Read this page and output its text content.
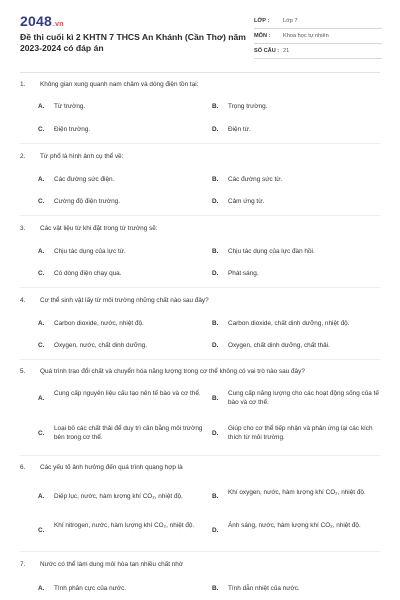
2048.vn
Đề thi cuối kì 2 KHTN 7 THCS An Khánh (Cần Thơ) năm 2023-2024 có đáp án
LỚP :	Lớp 7
MÔN :	Khoa học tự nhiên
SỐ CÂU : 21
1. Không gian xung quanh nam châm và dòng điện tồn tại:
A. Từ trường.	B. Trọng trường.
C. Điện trường.	D. Điện từ.
2. Từ phổ là hình ảnh cụ thể về:
A. Các đường sức điện.	B. Các đường sức từ.
C. Cường độ điện trường.	D. Cảm ứng từ.
3. Các vật liệu từ khi đặt trong từ trường sẽ:
A. Chịu tác dụng của lực từ.	B. Chịu tác dụng của lực đàn hồi.
C. Có dòng điện chạy qua.	D. Phát sáng.
4. Cơ thể sinh vật lấy từ môi trường những chất nào sau đây?
A. Carbon dioxide, nước, nhiệt độ.	B. Carbon dioxide, chất dinh dưỡng, nhiệt độ.
C. Oxygen, nước, chất dinh dưỡng.	D. Oxygen, chất dinh dưỡng, chất thải.
5. Quá trình trao đổi chất và chuyển hóa năng lượng trong cơ thể không có vai trò nào sau đây?
A.
Cung cấp nguyên liệu cấu tạo nên tế bào và cơ thể.
B.
Cung cấp năng lượng cho các hoạt động sống của tế bào và cơ thể.
C.
Loại bỏ các chất thải để duy trì cân bằng môi trường bên trong cơ thể.
D.
Giúp cho cơ thể tiếp nhận và phản ứng lại các kích thích từ môi trường.
6. Các yếu tố ảnh hưởng đến quá trình quang hợp là
A. Diệp lục, nước, hàm lượng khí CO₂, nhiệt độ.	B.
Khí oxygen, nước, hàm lượng khí CO₂, nhiệt độ.
C.
Khí nitrogen, nước, hàm lượng khí CO₂, nhiệt độ.
D.
Ánh sáng, nước, hàm lượng khí CO₂, nhiệt độ.
7. Nước có thể làm dung môi hòa tan nhiều chất nhờ
A. Tính phân cực của nước.	B. Tính dẫn nhiệt của nước.
